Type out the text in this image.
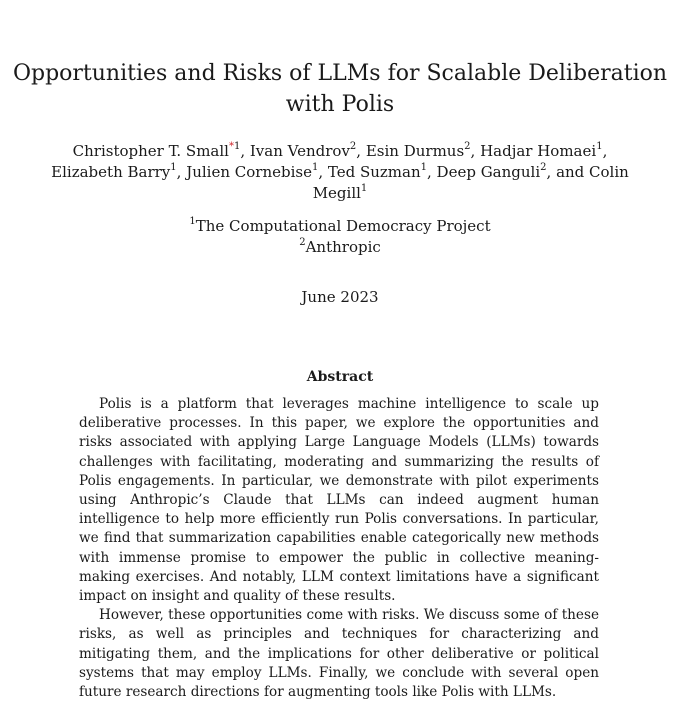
Opportunities and Risks of LLMs for Scalable Deliberation
with Polis
Christopher T. Small$^{*1}$, Ivan Vendrov$^2$, Esin Durmus$^2$, Hadjar Homaei$^1$,
Elizabeth Barry$^1$, Julien Cornebise$^1$, Ted Suzman$^1$, Deep Ganguli$^2$, and Colin
Megill$^1$
$^1$The Computational Democracy Project
$^2$Anthropic
June 2023
Abstract

Polis is a platform that leverages machine intelligence to scale up deliberative processes. In this paper, we explore the opportunities and risks associated with applying Large Language Models (LLMs) towards challenges with facilitating, moderating and summarizing the results of Polis engagements. In particular, we demonstrate with pilot experiments using Anthropic’s Claude that LLMs can indeed augment human intelligence to help more efficiently run Polis conversations. In particular, we find that summarization capabilities enable categorically new methods with immense promise to empower the public in collective meaning-making exercises. And notably, LLM context limitations have a significant impact on insight and quality of these results.

However, these opportunities come with risks. We discuss some of these risks, as well as principles and techniques for characterizing and mitigating them, and the implications for other deliberative or political systems that may employ LLMs. Finally, we conclude with several open future research directions for augmenting tools like Polis with LLMs.
